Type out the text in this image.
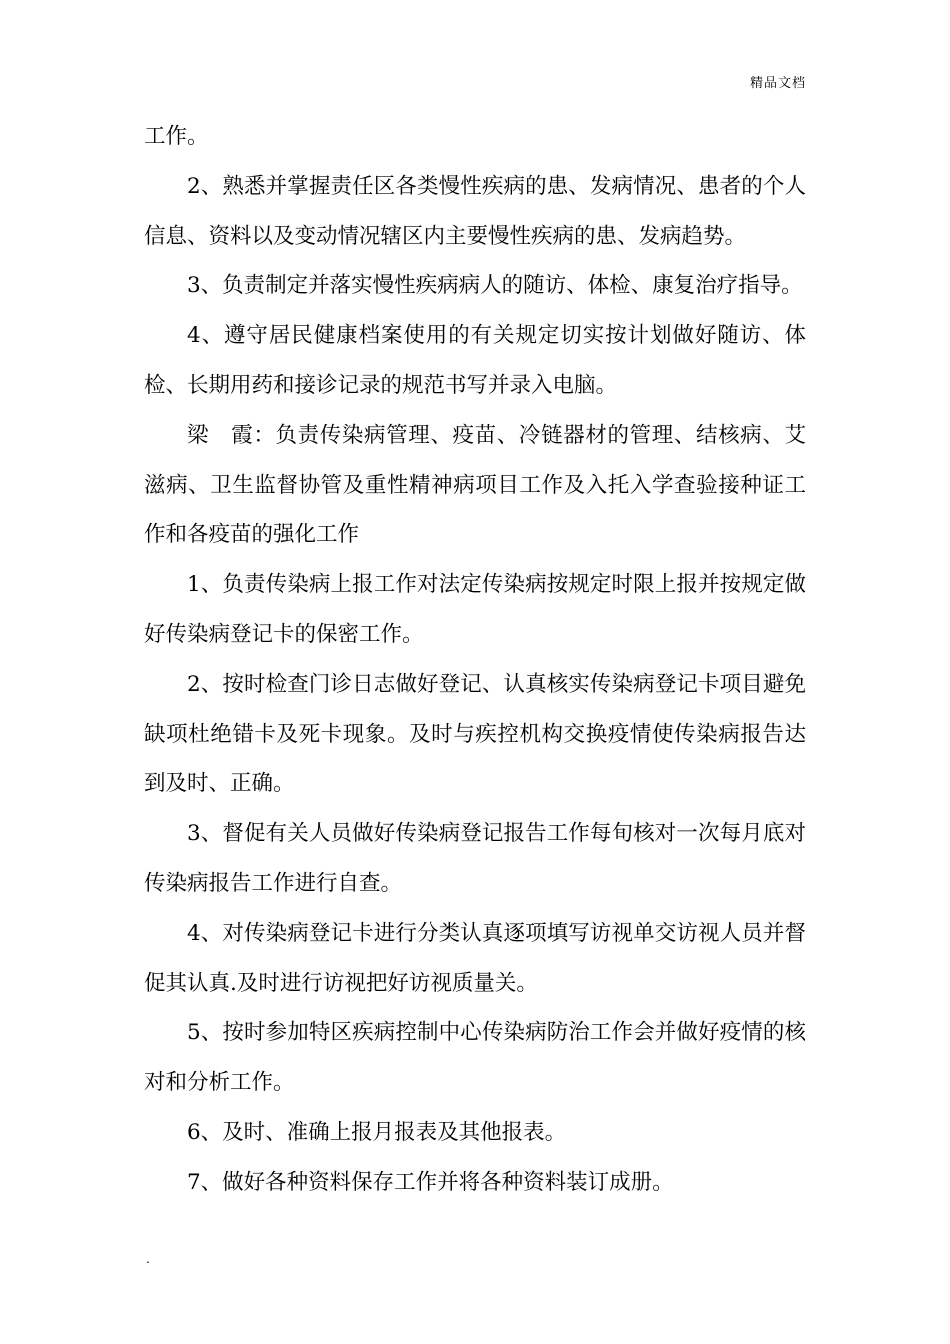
精品文档

工作。

2、熟悉并掌握责任区各类慢性疾病的患、发病情况、患者的个人信息、资料以及变动情况辖区内主要慢性疾病的患、发病趋势。

3、负责制定并落实慢性疾病病人的随访、体检、康复治疗指导。

4、遵守居民健康档案使用的有关规定切实按计划做好随访、体检、长期用药和接诊记录的规范书写并录入电脑。

梁　霞：负责传染病管理、疫苗、冷链器材的管理、结核病、艾滋病、卫生监督协管及重性精神病项目工作及入托入学查验接种证工作和各疫苗的强化工作

1、负责传染病上报工作对法定传染病按规定时限上报并按规定做好传染病登记卡的保密工作。

2、按时检查门诊日志做好登记、认真核实传染病登记卡项目避免缺项杜绝错卡及死卡现象。及时与疾控机构交换疫情使传染病报告达到及时、正确。

3、督促有关人员做好传染病登记报告工作每旬核对一次每月底对传染病报告工作进行自查。

4、对传染病登记卡进行分类认真逐项填写访视单交访视人员并督促其认真.及时进行访视把好访视质量关。

5、按时参加特区疾病控制中心传染病防治工作会并做好疫情的核对和分析工作。

6、及时、准确上报月报表及其他报表。

7、做好各种资料保存工作并将各种资料装订成册。

.
